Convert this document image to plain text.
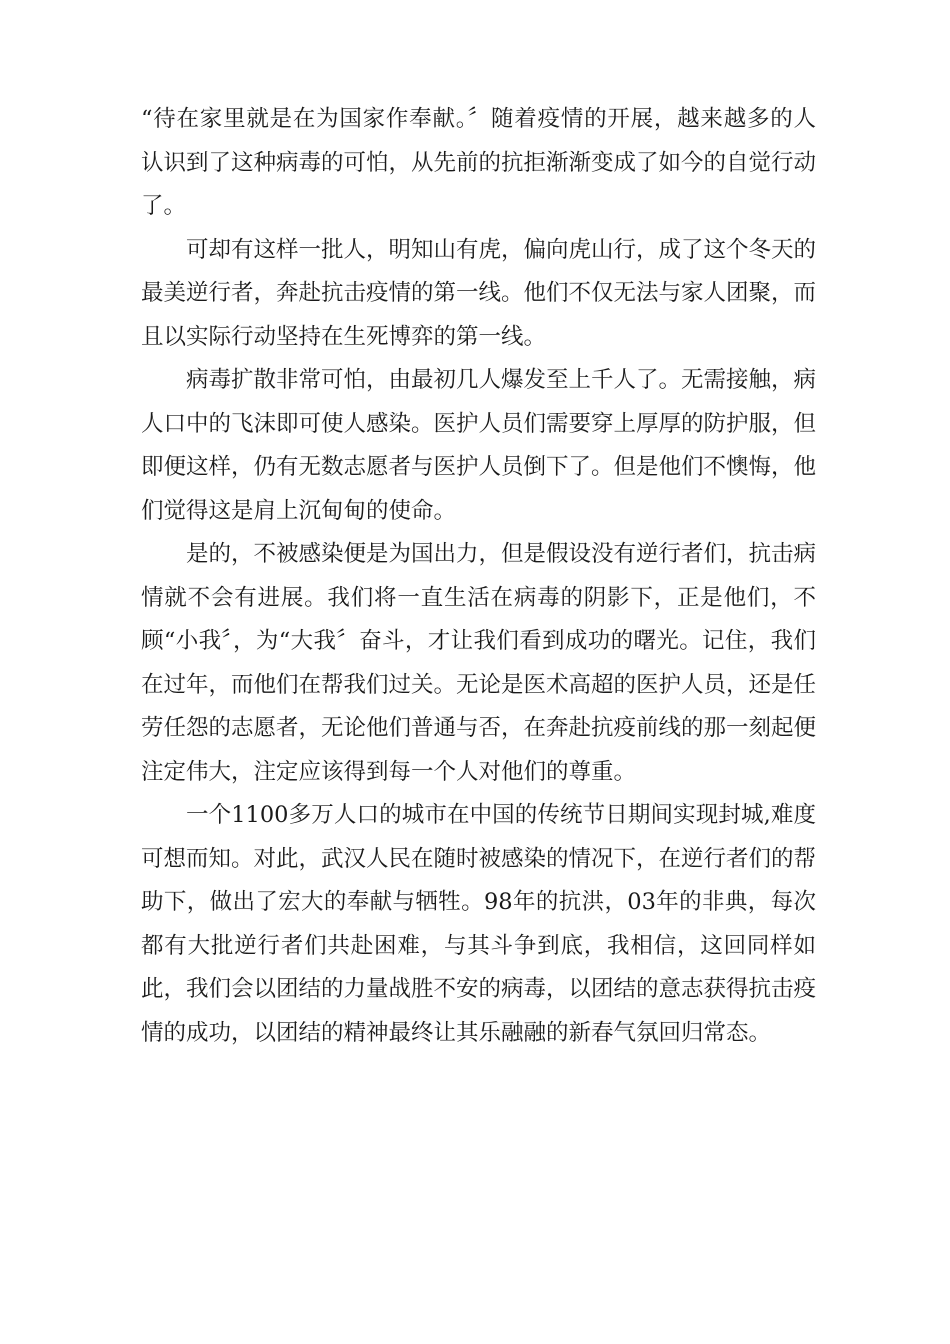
“待在家里就是在为国家作奉献。〞随着疫情的开展，越来越多的人认识到了这种病毒的可怕，从先前的抗拒渐渐变成了如今的自觉行动了。

可却有这样一批人，明知山有虎，偏向虎山行，成了这个冬天的最美逆行者，奔赴抗击疫情的第一线。他们不仅无法与家人团聚，而且以实际行动坚持在生死博弈的第一线。

病毒扩散非常可怕，由最初几人爆发至上千人了。无需接触，病人口中的飞沫即可使人感染。医护人员们需要穿上厚厚的防护服，但即便这样，仍有无数志愿者与医护人员倒下了。但是他们不懊悔，他们觉得这是肩上沉甸甸的使命。

是的，不被感染便是为国出力，但是假设没有逆行者们，抗击病情就不会有进展。我们将一直生活在病毒的阴影下，正是他们，不顾“小我〞，为“大我〞奋斗，才让我们看到成功的曙光。记住，我们在过年，而他们在帮我们过关。无论是医术高超的医护人员，还是任劳任怨的志愿者，无论他们普通与否，在奔赴抗疫前线的那一刻起便注定伟大，注定应该得到每一个人对他们的尊重。

一个1100多万人口的城市在中国的传统节日期间实现封城,难度可想而知。对此，武汉人民在随时被感染的情况下，在逆行者们的帮助下，做出了宏大的奉献与牺牲。98年的抗洪，03年的非典，每次都有大批逆行者们共赴困难，与其斗争到底，我相信，这回同样如此，我们会以团结的力量战胜不安的病毒，以团结的意志获得抗击疫情的成功，以团结的精神最终让其乐融融的新春气氛回归常态。
